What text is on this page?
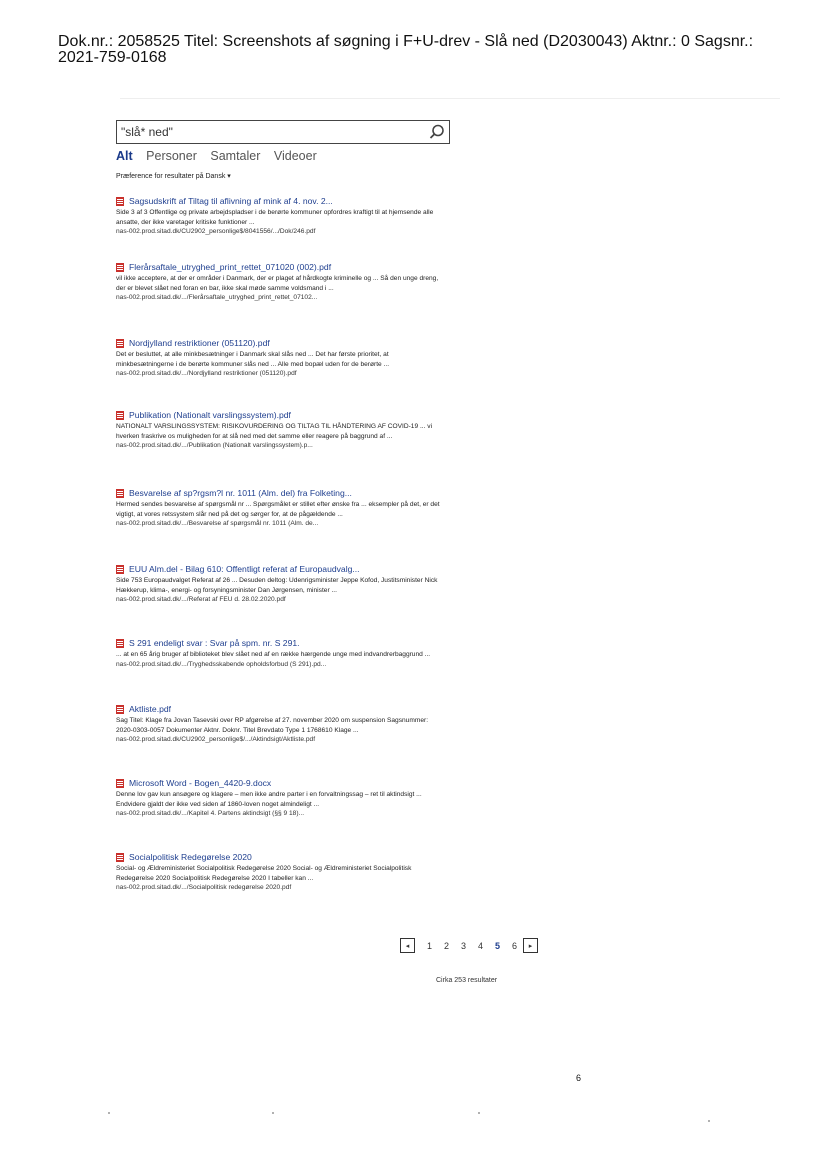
Dok.nr.: 2058525 Titel: Screenshots af søgning i F+U-drev - Slå ned (D2030043) Aktnr.: 0 Sagsnr.:
2021-759-0168
"slå* ned"
Alt Personer Samtaler Videoer
Præference for resultater på Dansk ▾
Sagsudskrift af Tiltag til aflivning af mink af 4. nov. 2...
Side 3 af 3 Offentlige og private arbejdspladser i de berørte kommuner opfordres kraftigt til at hjemsende alle ansatte, der ikke varetager kritiske funktioner ...
nas-002.prod.sitad.dk/CU2902_personlige$/8041556/.../Dok/246.pdf
Flerårsaftale_utryghed_print_rettet_071020 (002).pdf
vil ikke acceptere, at der er områder i Danmark, der er plaget af hårdkogte kriminelle og ... Så den unge dreng, der er blevet slået ned foran en bar, ikke skal møde samme voldsmand i ...
nas-002.prod.sitad.dk/.../Flerårsaftale_utryghed_print_rettet_07102...
Nordjylland restriktioner (051120).pdf
Det er besluttet, at alle minkbesætninger i Danmark skal slås ned ... Det har første prioritet, at minkbesætningerne i de berørte kommuner slås ned ... Alle med bopæl uden for de berørte ...
nas-002.prod.sitad.dk/.../Nordjylland restriktioner (051120).pdf
Publikation (Nationalt varslingssystem).pdf
NATIONALT VARSLINGSSYSTEM: RISIKOVURDERING OG TILTAG TIL HÅNDTERING AF COVID-19 ... vi hverken fraskrive os muligheden for at slå ned med det samme eller reagere på baggrund af ...
nas-002.prod.sitad.dk/.../Publikation (Nationalt varslingssystem).p...
Besvarelse af sp?rgsm?l nr. 1011 (Alm. del) fra Folketing...
Hermed sendes besvarelse af spørgsmål nr ... Spørgsmålet er stillet efter ønske fra ... eksempler på det, er det vigtigt, at vores retssystem slår ned på det og sørger for, at de pågældende ...
nas-002.prod.sitad.dk/.../Besvarelse af spørgsmål nr. 1011 (Alm. de...
EUU Alm.del - Bilag 610: Offentligt referat af Europaudvalg...
Side 753 Europaudvalget Referat af 26 ... Desuden deltog: Udenrigsminister Jeppe Kofod, Justitsminister Nick Hækkerup, klima-, energi- og forsyningsminister Dan Jørgensen, minister ...
nas-002.prod.sitad.dk/.../Referat af FEU d. 28.02.2020.pdf
S 291 endeligt svar : Svar på spm. nr. S 291.
... at en 65 årig bruger af biblioteket blev slået ned af en række hærgende unge med indvandrerbaggrund ...
nas-002.prod.sitad.dk/.../Tryghedsskabende opholdsforbud (S 291).pd...
Aktliste.pdf
Sag Titel: Klage fra Jovan Tasevski over RP afgørelse af 27. november 2020 om suspension Sagsnummer: 2020-0303-0057 Dokumenter Aktnr. Doknr. Titel Brevdato Type 1 1768610 Klage ...
nas-002.prod.sitad.dk/CU2902_personlige$/.../Aktindsigt/Aktliste.pdf
Microsoft Word - Bogen_4420-9.docx
Denne lov gav kun ansøgere og klagere – men ikke andre parter i en forvaltningssag – ret til aktindsigt ... Endvidere gjaldt der ikke ved siden af 1860-loven noget almindeligt ...
nas-002.prod.sitad.dk/.../Kapitel 4. Partens aktindsigt (§§ 9 18)...
Socialpolitisk Redegørelse 2020
Social- og Ældreministeriet Socialpolitisk Redegørelse 2020 Social- og Ældreministeriet Socialpolitisk Redegørelse 2020 Socialpolitisk Redegørelse 2020 I tabeller kan ...
nas-002.prod.sitad.dk/.../Socialpolitisk redegørelse 2020.pdf
◂	1	2	3	4	5	6	▸
Cirka 253 resultater
6
